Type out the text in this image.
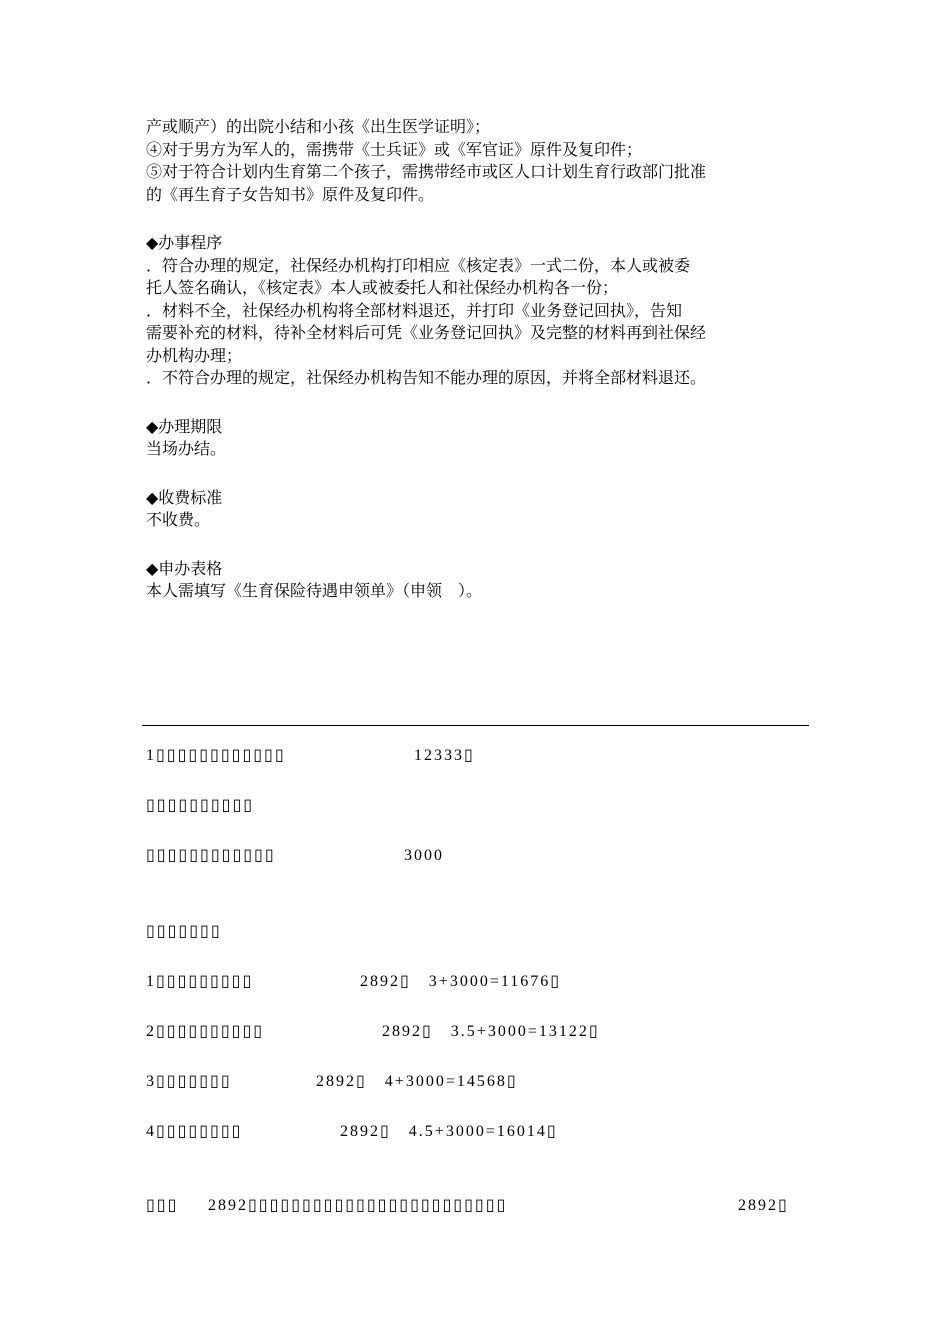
产或顺产）的出院小结和小孩《出生医学证明》；

④对于男方为军人的，需携带《士兵证》或《军官证》原件及复印件；

⑤对于符合计划内生育第二个孩子，需携带经市或区人口计划生育行政部门批准

的《再生育子女告知书》原件及复印件。

◆办事程序

．符合办理的规定，社保经办机构打印相应《核定表》一式二份，本人或被委

托人签名确认，《核定表》本人或被委托人和社保经办机构各一份；

．材料不全，社保经办机构将全部材料退还，并打印《业务登记回执》，告知

需要补充的材料，待补全材料后可凭《业务登记回执》及完整的材料再到社保经

办机构办理；

．不符合办理的规定，社保经办机构告知不能办理的原因，并将全部材料退还。

◆办理期限

当场办结。

◆收费标准

不收费。

◆申办表格

本人需填写《生育保险待遇申领单》（申领　）。

1▯▯▯▯▯▯▯▯▯▯▯▯	12333▯
▯▯▯▯▯▯▯▯▯▯
▯▯▯▯▯▯▯▯▯▯▯▯	3000
▯▯▯▯▯▯▯
1▯▯▯▯▯▯▯▯▯	2892▯　3+3000=11676▯
2▯▯▯▯▯▯▯▯▯▯	2892▯　3.5+3000=13122▯
3▯▯▯▯▯▯▯	2892▯　4+3000=14568▯
4▯▯▯▯▯▯▯▯	2892▯　4.5+3000=16014▯
▯▯▯ 2892▯▯▯▯▯▯▯▯▯▯▯▯▯▯▯▯▯▯▯▯▯▯▯▯	2892▯
